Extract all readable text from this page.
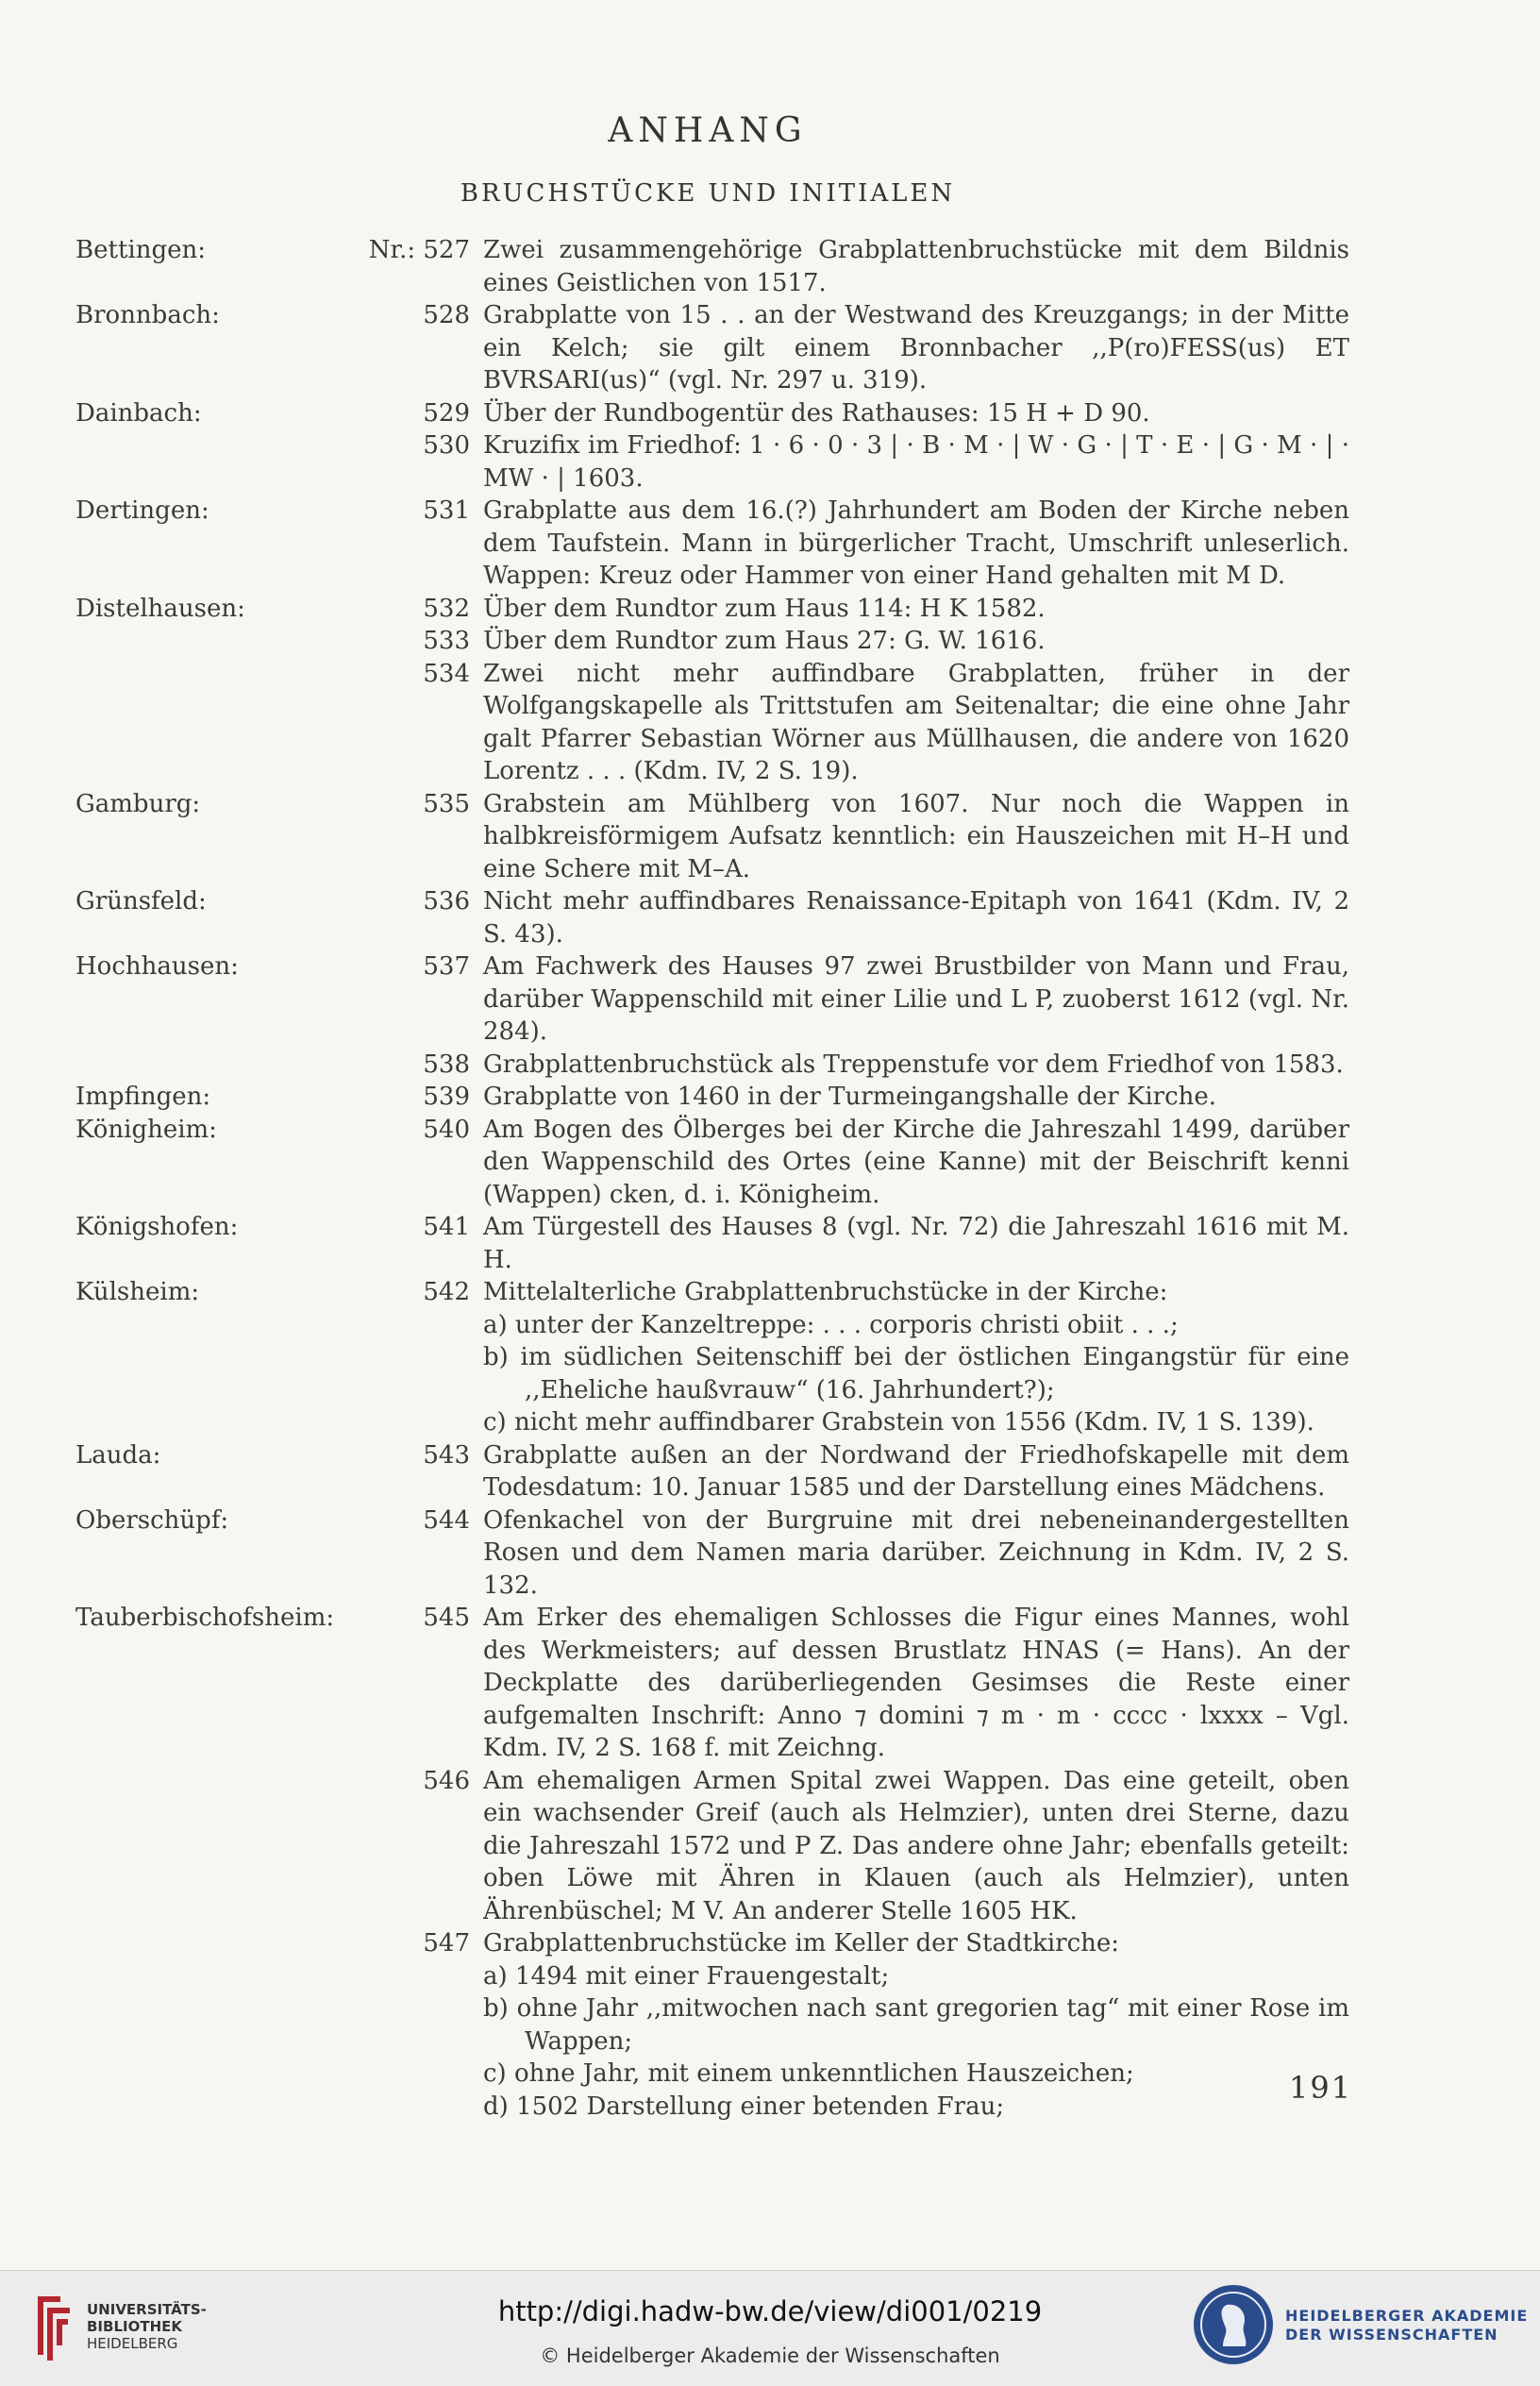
ANHANG
BRUCHSTÜCKE UND INITIALEN
Bettingen:	Nr.: 527 Zwei zusammengehörige Grabplattenbruchstücke mit dem Bildnis eines Geistlichen von 1517.
Bronnbach:	528 Grabplatte von 15 . . an der Westwand des Kreuzgangs; in der Mitte ein Kelch; sie gilt einem Bronnbacher ,,P(ro)FESS(us) ET BVRSARI(us)“ (vgl. Nr. 297 u. 319).
Dainbach:	529 Über der Rundbogentür des Rathauses: 15 H + D 90.
530 Kruzifix im Friedhof: 1 · 6 · 0 · 3 | · B · M · | W · G · | T · E · | G · M · | · MW · | 1603.
Dertingen:	531 Grabplatte aus dem 16.(?) Jahrhundert am Boden der Kirche neben dem Taufstein. Mann in bürgerlicher Tracht, Umschrift unleserlich. Wappen: Kreuz oder Hammer von einer Hand gehalten mit M D.
Distelhausen:	532 Über dem Rundtor zum Haus 114: H K 1582.
533 Über dem Rundtor zum Haus 27: G. W. 1616.
534 Zwei nicht mehr auffindbare Grabplatten, früher in der Wolfgangskapelle als Trittstufen am Seitenaltar; die eine ohne Jahr galt Pfarrer Sebastian Wörner aus Müllhausen, die andere von 1620 Lorentz . . . (Kdm. IV, 2 S. 19).
Gamburg:	535 Grabstein am Mühlberg von 1607. Nur noch die Wappen in halbkreisförmigem Aufsatz kenntlich: ein Hauszeichen mit H–H und eine Schere mit M–A.
Grünsfeld:	536 Nicht mehr auffindbares Renaissance-Epitaph von 1641 (Kdm. IV, 2 S. 43).
Hochhausen:	537 Am Fachwerk des Hauses 97 zwei Brustbilder von Mann und Frau, darüber Wappenschild mit einer Lilie und L P, zuoberst 1612 (vgl. Nr. 284).
538 Grabplattenbruchstück als Treppenstufe vor dem Friedhof von 1583.
Impfingen:	539 Grabplatte von 1460 in der Turmeingangshalle der Kirche.
Königheim:	540 Am Bogen des Ölberges bei der Kirche die Jahreszahl 1499, darüber den Wappenschild des Ortes (eine Kanne) mit der Beischrift kenni (Wappen) cken, d. i. Königheim.
Königshofen:	541 Am Türgestell des Hauses 8 (vgl. Nr. 72) die Jahreszahl 1616 mit M. H.
Külsheim:	542 Mittelalterliche Grabplattenbruchstücke in der Kirche:
a) unter der Kanzeltreppe: . . . corporis christi obiit . . .;
b) im südlichen Seitenschiff bei der östlichen Eingangstür für eine ,,Eheliche haußvrauw“ (16. Jahrhundert?);
c) nicht mehr auffindbarer Grabstein von 1556 (Kdm. IV, 1 S. 139).
Lauda:	543 Grabplatte außen an der Nordwand der Friedhofskapelle mit dem Todesdatum: 10. Januar 1585 und der Darstellung eines Mädchens.
Oberschüpf:	544 Ofenkachel von der Burgruine mit drei nebeneinandergestellten Rosen und dem Namen maria darüber. Zeichnung in Kdm. IV, 2 S. 132.
Tauberbischofsheim:	545 Am Erker des ehemaligen Schlosses die Figur eines Mannes, wohl des Werkmeisters; auf dessen Brustlatz HNAS (= Hans). An der Deckplatte des darüberliegenden Gesimses die Reste einer aufgemalten Inschrift: Anno ⁊ domini ⁊ m · m · cccc · lxxxx – Vgl. Kdm. IV, 2 S. 168 f. mit Zeichng.
546 Am ehemaligen Armen Spital zwei Wappen. Das eine geteilt, oben ein wachsender Greif (auch als Helmzier), unten drei Sterne, dazu die Jahreszahl 1572 und P Z. Das andere ohne Jahr; ebenfalls geteilt: oben Löwe mit Ähren in Klauen (auch als Helmzier), unten Ährenbüschel; M V. An anderer Stelle 1605 HK.
547 Grabplattenbruchstücke im Keller der Stadtkirche:
a) 1494 mit einer Frauengestalt;
b) ohne Jahr ,,mitwochen nach sant gregorien tag“ mit einer Rose im Wappen;
c) ohne Jahr, mit einem unkenntlichen Hauszeichen;
d) 1502 Darstellung einer betenden Frau;
191
UNIVERSITÄTS-
BIBLIOTHEK
HEIDELBERG
http://digi.hadw-bw.de/view/di001/0219
© Heidelberger Akademie der Wissenschaften
HEIDELBERGER AKADEMIE
DER WISSENSCHAFTEN
